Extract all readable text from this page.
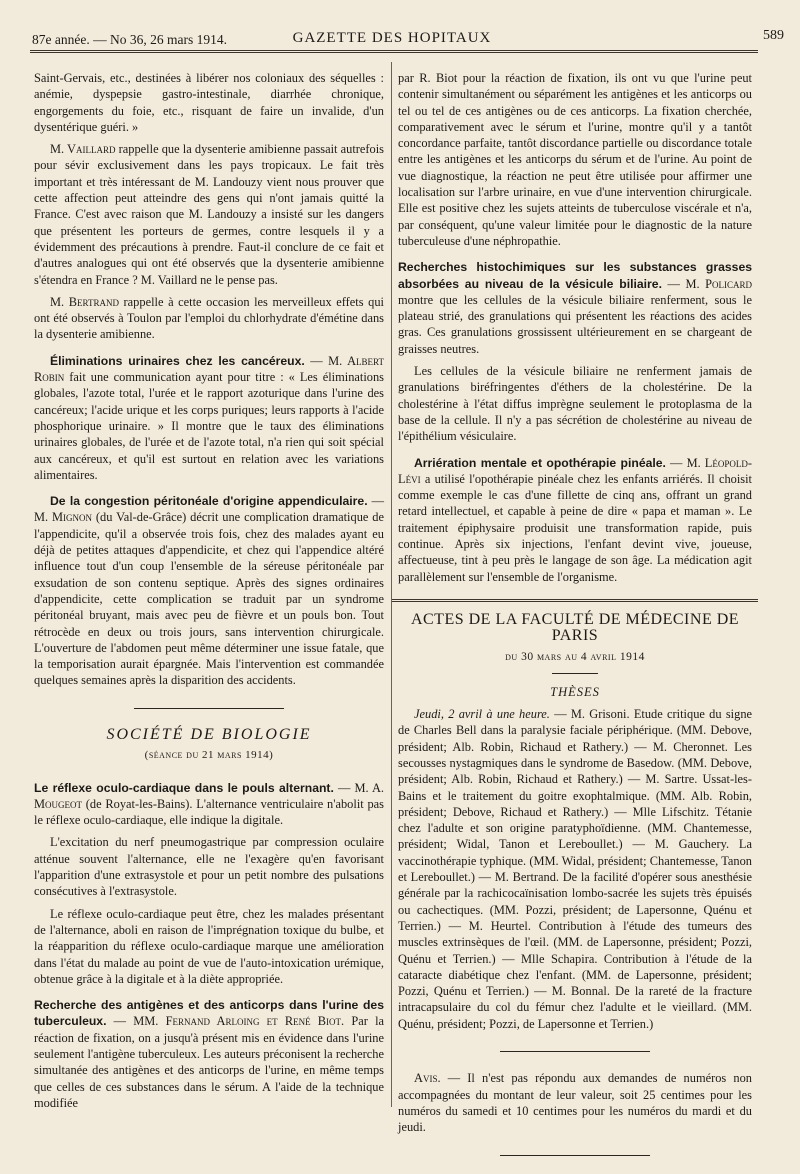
87e année. — No 36, 26 mars 1914.	GAZETTE DES HOPITAUX	589

Saint-Gervais, etc., destinées à libérer nos coloniaux des séquelles : anémie, dyspepsie gastro-intestinale, diarrhée chronique, engorgements du foie, etc., risquant de faire un invalide, d'un dysentérique guéri. »

M. Vaillard rappelle que la dysenterie amibienne passait autrefois pour sévir exclusivement dans les pays tropicaux. Le fait très important et très intéressant de M. Landouzy vient nous prouver que cette affection peut atteindre des gens qui n'ont jamais quitté la France. C'est avec raison que M. Landouzy a insisté sur les dangers que présentent les porteurs de germes, contre lesquels il y a évidemment des précautions à prendre. Faut-il conclure de ce fait et d'autres analogues qui ont été observés que la dysenterie amibienne s'étendra en France ? M. Vaillard ne le pense pas.

M. Bertrand rappelle à cette occasion les merveilleux effets qui ont été observés à Toulon par l'emploi du chlorhydrate d'émétine dans la dysenterie amibienne.

Éliminations urinaires chez les cancéreux. — M. Albert Robin fait une communication ayant pour titre : « Les éliminations globales, l'azote total, l'urée et le rapport azoturique dans l'urine des cancéreux; l'acide urique et les corps puriques; leurs rapports à l'acide phosphorique urinaire. » Il montre que le taux des éliminations urinaires globales, de l'urée et de l'azote total, n'a rien qui soit spécial aux cancéreux, et qu'il est surtout en relation avec les variations alimentaires.

De la congestion péritonéale d'origine appendiculaire. — M. Mignon (du Val-de-Grâce) décrit une complication dramatique de l'appendicite, qu'il a observée trois fois, chez des malades ayant eu déjà de petites attaques d'appendicite, et chez qui l'appendice altéré influence tout d'un coup l'ensemble de la séreuse péritonéale par exsudation de son contenu septique. Après des signes ordinaires d'appendicite, cette complication se traduit par un syndrome péritonéal bruyant, mais avec peu de fièvre et un pouls bon. Tout rétrocède en deux ou trois jours, sans intervention chirurgicale. L'ouverture de l'abdomen peut même déterminer une issue fatale, que la temporisation aurait épargnée. Mais l'intervention est commandée quelques semaines après la disparition des accidents.

SOCIÉTÉ DE BIOLOGIE
(séance du 21 mars 1914)

Le réflexe oculo-cardiaque dans le pouls alternant. — M. A. Mougeot (de Royat-les-Bains). L'alternance ventriculaire n'abolit pas le réflexe oculo-cardiaque, elle indique la digitale.

L'excitation du nerf pneumogastrique par compression oculaire atténue souvent l'alternance, elle ne l'exagère qu'en favorisant l'apparition d'une extrasystole et pour un petit nombre des pulsations consécutives à l'extrasystole.

Le réflexe oculo-cardiaque peut être, chez les malades présentant de l'alternance, aboli en raison de l'imprégnation toxique du bulbe, et la réapparition du réflexe oculo-cardiaque marque une amélioration dans l'état du malade au point de vue de l'auto-intoxication urémique, obtenue grâce à la digitale et à la diète appropriée.

Recherche des antigènes et des anticorps dans l'urine des tuberculeux. — MM. Fernand Arloing et René Biot. Par la réaction de fixation, on a jusqu'à présent mis en évidence dans l'urine seulement l'antigène tuberculeux. Les auteurs préconisent la recherche simultanée des antigènes et des anticorps de l'urine, en même temps que celles de ces substances dans le sérum. A l'aide de la technique modifiée

par R. Biot pour la réaction de fixation, ils ont vu que l'urine peut contenir simultanément ou séparément les antigènes et les anticorps ou tel ou tel de ces antigènes ou de ces anticorps. La fixation cherchée, comparativement avec le sérum et l'urine, montre qu'il y a tantôt concordance parfaite, tantôt discordance partielle ou discordance totale entre les antigènes et les anticorps du sérum et de l'urine. Au point de vue diagnostique, la réaction ne peut être utilisée pour affirmer une localisation sur l'arbre urinaire, en vue d'une intervention chirurgicale. Elle est positive chez les sujets atteints de tuberculose viscérale et n'a, par conséquent, qu'une valeur limitée pour le diagnostic de la nature tuberculeuse d'une néphropathie.

Recherches histochimiques sur les substances grasses absorbées au niveau de la vésicule biliaire. — M. Policard montre que les cellules de la vésicule biliaire renferment, sous le plateau strié, des granulations qui présentent les réactions des acides gras. Ces granulations grossissent ultérieurement en se chargeant de graisses neutres.

Les cellules de la vésicule biliaire ne renferment jamais de granulations biréfringentes d'éthers de la cholestérine. De la cholestérine à l'état diffus imprègne seulement le protoplasma de la base de la cellule. Il n'y a pas sécrétion de cholestérine au niveau de l'épithélium vésiculaire.

Arriération mentale et opothérapie pinéale. — M. Léopold-Lévi a utilisé l'opothérapie pinéale chez les enfants arriérés. Il choisit comme exemple le cas d'une fillette de cinq ans, offrant un grand retard intellectuel, et capable à peine de dire « papa et maman ». Le traitement épiphysaire produisit une transformation rapide, puis continue. Après six injections, l'enfant devint vive, joueuse, affectueuse, tint à peu près le langage de son âge. La médication agit parallèlement sur l'ensemble de l'organisme.

ACTES DE LA FACULTÉ DE MÉDECINE DE PARIS
du 30 mars au 4 avril 1914
THÈSES

Jeudi, 2 avril à une heure. — M. Grisoni. Etude critique du signe de Charles Bell dans la paralysie faciale périphérique. (MM. Debove, président; Alb. Robin, Richaud et Rathery.) — M. Cheronnet. Les secousses nystagmiques dans le syndrome de Basedow. (MM. Debove, président; Alb. Robin, Richaud et Rathery.) — M. Sartre. Ussat-les-Bains et le traitement du goitre exophtalmique. (MM. Alb. Robin, président; Debove, Richaud et Rathery.) — Mlle Lifschitz. Tétanie chez l'adulte et son origine paratyphoïdienne. (MM. Chantemesse, président; Widal, Tanon et Lereboullet.) — M. Gauchery. La vaccinothérapie typhique. (MM. Widal, président; Chantemesse, Tanon et Lereboullet.) — M. Bertrand. De la facilité d'opérer sous anesthésie générale par la rachicocaïnisation lombo-sacrée les sujets très épuisés ou cachectiques. (MM. Pozzi, président; de Lapersonne, Quénu et Terrien.) — M. Heurtel. Contribution à l'étude des tumeurs des muscles extrinsèques de l'œil. (MM. de Lapersonne, président; Pozzi, Quénu et Terrien.) — Mlle Schapira. Contribution à l'étude de la cataracte diabétique chez l'enfant. (MM. de Lapersonne, président; Pozzi, Quénu et Terrien.) — M. Bonnal. De la rareté de la fracture intracapsulaire du col du fémur chez l'adulte et le vieillard. (MM. Quénu, président; Pozzi, de Lapersonne et Terrien.)

Avis. — Il n'est pas répondu aux demandes de numéros non accompagnées du montant de leur valeur, soit 25 centimes pour les numéros du samedi et 10 centimes pour les numéros du mardi et du jeudi.
